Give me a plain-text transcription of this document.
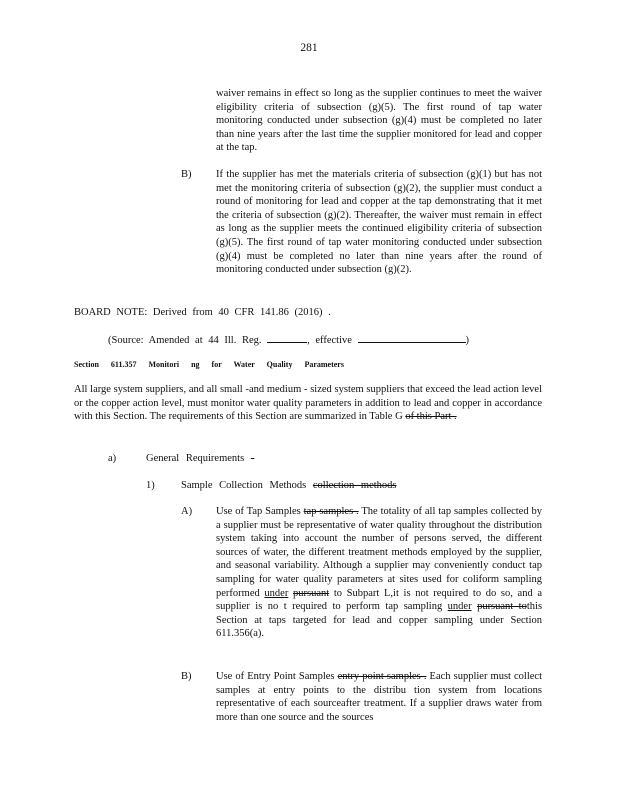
281
waiver remains in effect so long as the supplier continues to meet the waiver eligibility criteria of subsection (g)(5). The first round of tap water monitoring conducted under subsection (g)(4) must be completed no later than nine years after the last time the supplier monitored for lead and copper at the tap.
B) If the supplier has met the materials criteria of subsection (g)(1) but has not met the monitoring criteria of subsection (g)(2), the supplier must conduct a round of monitoring for lead and copper at the tap demonstrating that it met the criteria of subsection (g)(2). Thereafter, the waiver must remain in effect as long as the supplier meets the continued eligibility criteria of subsection (g)(5). The first round of tap water monitoring conducted under subsection (g)(4) must be completed no later than nine years after the round of monitoring conducted under subsection (g)(2).
BOARD NOTE: Derived from 40 CFR 141.86 (2016) .
(Source: Amended at 44 Ill. Reg.	, effective	)
Section 611.357 Monitori ng for Water Quality Parameters
All large system suppliers, and all small -and medium - sized system suppliers that exceed the lead action level or the copper action level, must monitor water quality parameters in addition to lead and copper in accordance with this Section. The requirements of this Section are summarized in Table G of this Part .
a)	General Requirements -
1)	Sample Collection Methods collection methods
A) Use of Tap Samples tap samples . The totality of all tap samples collected by a supplier must be representative of water quality throughout the distribution system taking into account the number of persons served, the different sources of water, the different treatment methods employed by the supplier, and seasonal variability. Although a supplier may conveniently conduct tap sampling for water quality parameters at sites used for coliform sampling performed under pursuant to Subpart L,it is not required to do so, and a supplier is no t required to perform tap sampling under pursuant tothis Section at taps targeted for lead and copper sampling under Section 611.356(a).
B) Use of Entry Point Samples entry point samples . Each supplier must collect samples at entry points to the distribu tion system from locations representative of each sourceafter treatment. If a supplier draws water from more than one source and the sources
